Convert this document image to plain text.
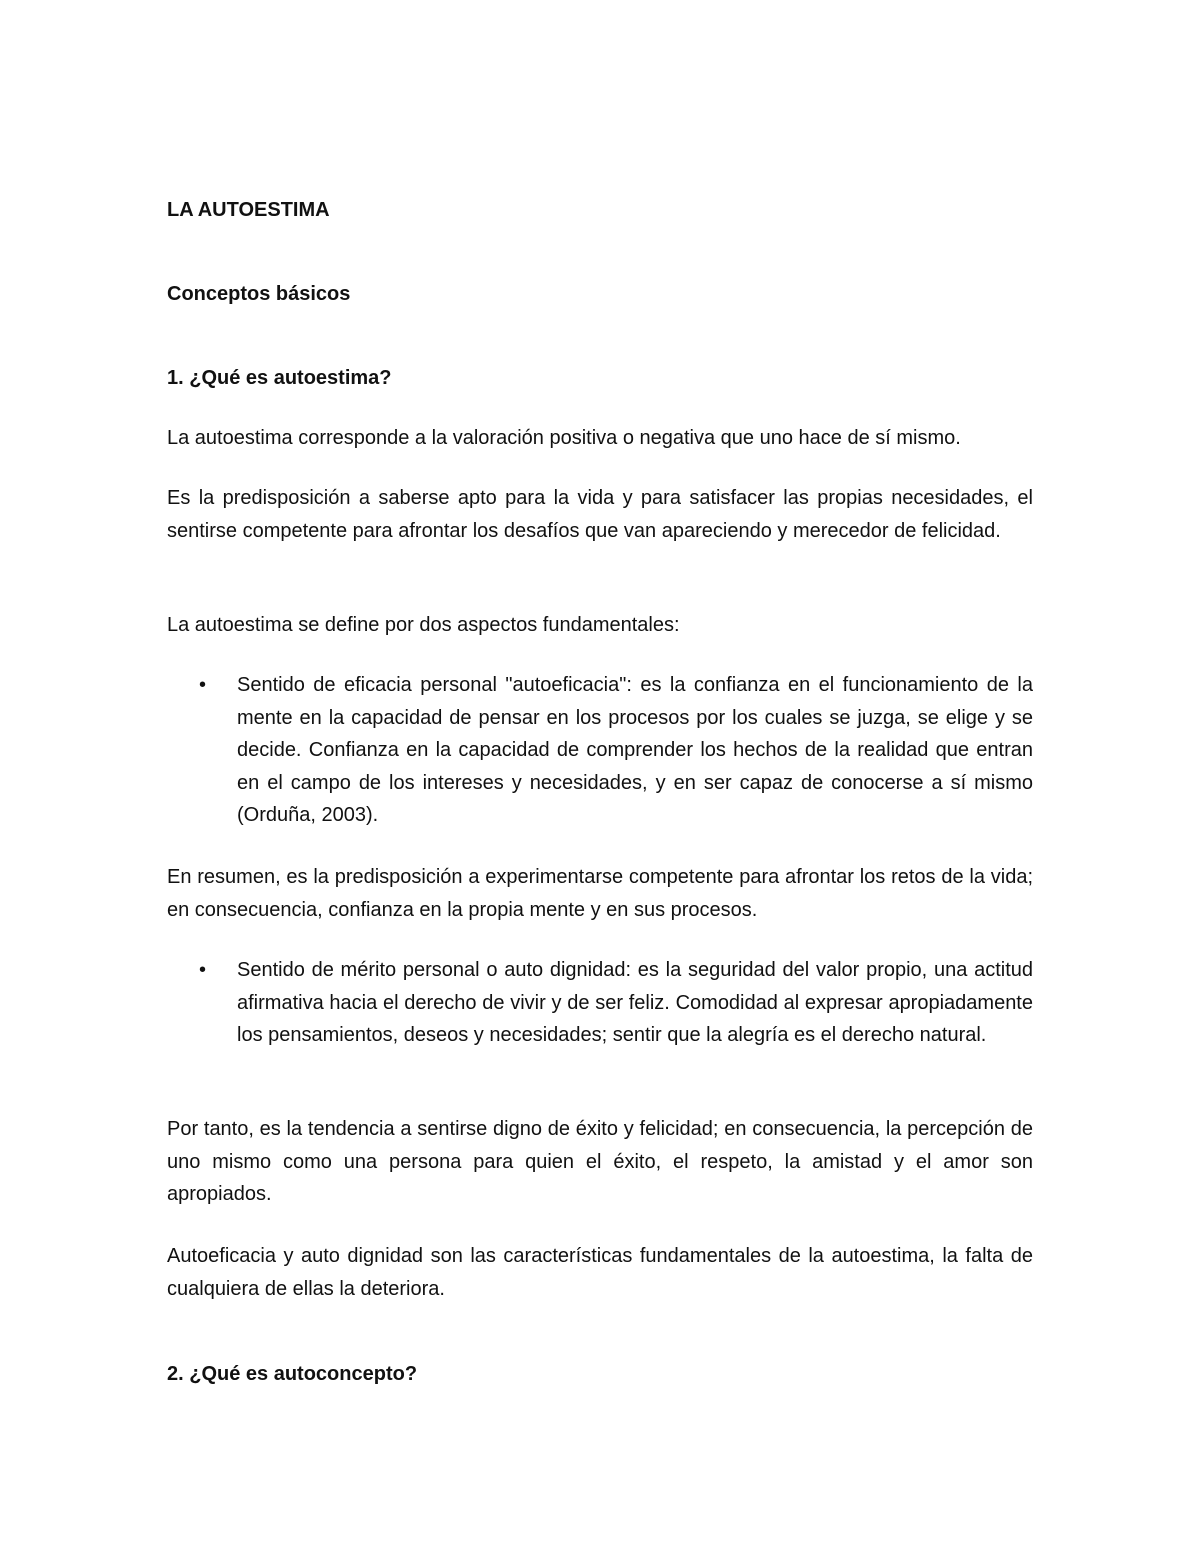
LA AUTOESTIMA
Conceptos básicos
1. ¿Qué es autoestima?

La autoestima corresponde a la valoración positiva o negativa que uno hace de sí mismo.

Es la predisposición a saberse apto para la vida y para satisfacer las propias necesidades, el sentirse competente para afrontar los desafíos que van apareciendo y merecedor de felicidad.

La autoestima se define por dos aspectos fundamentales:

• Sentido de eficacia personal "autoeficacia": es la confianza en el funcionamiento de la mente en la capacidad de pensar en los procesos por los cuales se juzga, se elige y se decide. Confianza en la capacidad de comprender los hechos de la realidad que entran en el campo de los intereses y necesidades, y en ser capaz de conocerse a sí mismo (Orduña, 2003).

En resumen, es la predisposición a experimentarse competente para afrontar los retos de la vida; en consecuencia, confianza en la propia mente y en sus procesos.

• Sentido de mérito personal o auto dignidad: es la seguridad del valor propio, una actitud afirmativa hacia el derecho de vivir y de ser feliz. Comodidad al expresar apropiadamente los pensamientos, deseos y necesidades; sentir que la alegría es el derecho natural.

Por tanto, es la tendencia a sentirse digno de éxito y felicidad; en consecuencia, la percepción de uno mismo como una persona para quien el éxito, el respeto, la amistad y el amor son apropiados.

Autoeficacia y auto dignidad son las características fundamentales de la autoestima, la falta de cualquiera de ellas la deteriora.

2. ¿Qué es autoconcepto?
